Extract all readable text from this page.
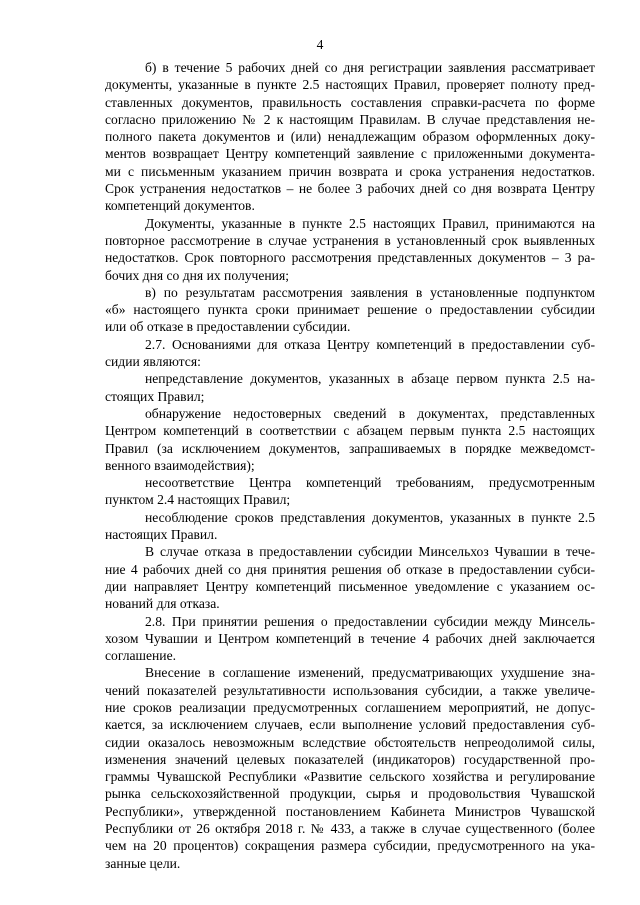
4
б) в течение 5 рабочих дней со дня регистрации заявления рассматривает
документы, указанные в пункте 2.5 настоящих Правил, проверяет полноту пред-
ставленных документов, правильность составления справки-расчета по форме
согласно приложению № 2 к настоящим Правилам. В случае представления не-
полного пакета документов и (или) ненадлежащим образом оформленных доку-
ментов возвращает Центру компетенций заявление с приложенными документа-
ми с письменным указанием причин возврата и срока устранения недостатков.
Срок устранения недостатков – не более 3 рабочих дней со дня возврата Центру
компетенций документов.
Документы, указанные в пункте 2.5 настоящих Правил, принимаются на
повторное рассмотрение в случае устранения в установленный срок выявленных
недостатков. Срок повторного рассмотрения представленных документов – 3 ра-
бочих дня со дня их получения;
в) по результатам рассмотрения заявления в установленные подпунктом
«б» настоящего пункта сроки принимает решение о предоставлении субсидии
или об отказе в предоставлении субсидии.
2.7. Основаниями для отказа Центру компетенций в предоставлении суб-
сидии являются:
непредставление документов, указанных в абзаце первом пункта 2.5 на-
стоящих Правил;
обнаружение недостоверных сведений в документах, представленных
Центром компетенций в соответствии с абзацем первым пункта 2.5 настоящих
Правил (за исключением документов, запрашиваемых в порядке межведомст-
венного взаимодействия);
несоответствие Центра компетенций требованиям, предусмотренным
пунктом 2.4 настоящих Правил;
несоблюдение сроков представления документов, указанных в пункте 2.5
настоящих Правил.
В случае отказа в предоставлении субсидии Минсельхоз Чувашии в тече-
ние 4 рабочих дней со дня принятия решения об отказе в предоставлении субси-
дии направляет Центру компетенций письменное уведомление с указанием ос-
нований для отказа.
2.8. При принятии решения о предоставлении субсидии между Минсель-
хозом Чувашии и Центром компетенций в течение 4 рабочих дней заключается
соглашение.
Внесение в соглашение изменений, предусматривающих ухудшение зна-
чений показателей результативности использования субсидии, а также увеличе-
ние сроков реализации предусмотренных соглашением мероприятий, не допус-
кается, за исключением случаев, если выполнение условий предоставления суб-
сидии оказалось невозможным вследствие обстоятельств непреодолимой силы,
изменения значений целевых показателей (индикаторов) государственной про-
граммы Чувашской Республики «Развитие сельского хозяйства и регулирование
рынка сельскохозяйственной продукции, сырья и продовольствия Чувашской
Республики», утвержденной постановлением Кабинета Министров Чувашской
Республики от 26 октября 2018 г. № 433, а также в случае существенного (более
чем на 20 процентов) сокращения размера субсидии, предусмотренного на ука-
занные цели.
